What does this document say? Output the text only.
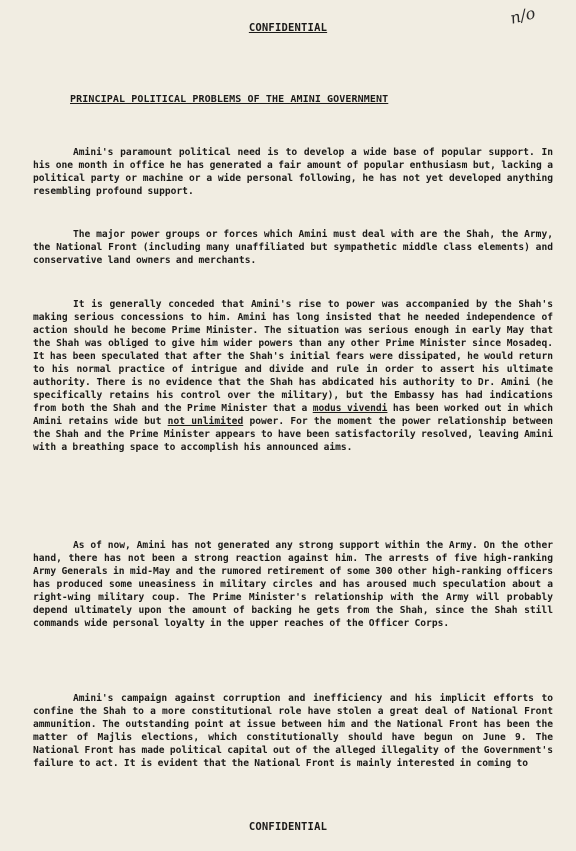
CONFIDENTIAL
n/o
PRINCIPAL POLITICAL PROBLEMS OF THE AMINI GOVERNMENT

Amini's paramount political need is to develop a wide base of popular support. In his one month in office he has generated a fair amount of popular enthusiasm but, lacking a political party or machine or a wide personal following, he has not yet developed anything resembling profound support.

The major power groups or forces which Amini must deal with are the Shah, the Army, the National Front (including many unaffiliated but sympathetic middle class elements) and conservative land owners and merchants.

It is generally conceded that Amini's rise to power was accompanied by the Shah's making serious concessions to him. Amini has long insisted that he needed independence of action should he become Prime Minister. The situation was serious enough in early May that the Shah was obliged to give him wider powers than any other Prime Minister since Mosadeq. It has been speculated that after the Shah's initial fears were dissipated, he would return to his normal practice of intrigue and divide and rule in order to assert his ultimate authority. There is no evidence that the Shah has abdicated his authority to Dr. Amini (he specifically retains his control over the military), but the Embassy has had indications from both the Shah and the Prime Minister that a modus vivendi has been worked out in which Amini retains wide but not unlimited power. For the moment the power relationship between the Shah and the Prime Minister appears to have been satisfactorily resolved, leaving Amini with a breathing space to accomplish his announced aims.

As of now, Amini has not generated any strong support within the Army. On the other hand, there has not been a strong reaction against him. The arrests of five high-ranking Army Generals in mid-May and the rumored retirement of some 300 other high-ranking officers has produced some uneasiness in military circles and has aroused much speculation about a right-wing military coup. The Prime Minister's relationship with the Army will probably depend ultimately upon the amount of backing he gets from the Shah, since the Shah still commands wide personal loyalty in the upper reaches of the Officer Corps.

Amini's campaign against corruption and inefficiency and his implicit efforts to confine the Shah to a more constitutional role have stolen a great deal of National Front ammunition. The outstanding point at issue between him and the National Front has been the matter of Majlis elections, which constitutionally should have begun on June 9. The National Front has made political capital out of the alleged illegality of the Government's failure to act. It is evident that the National Front is mainly interested in coming to

CONFIDENTIAL
